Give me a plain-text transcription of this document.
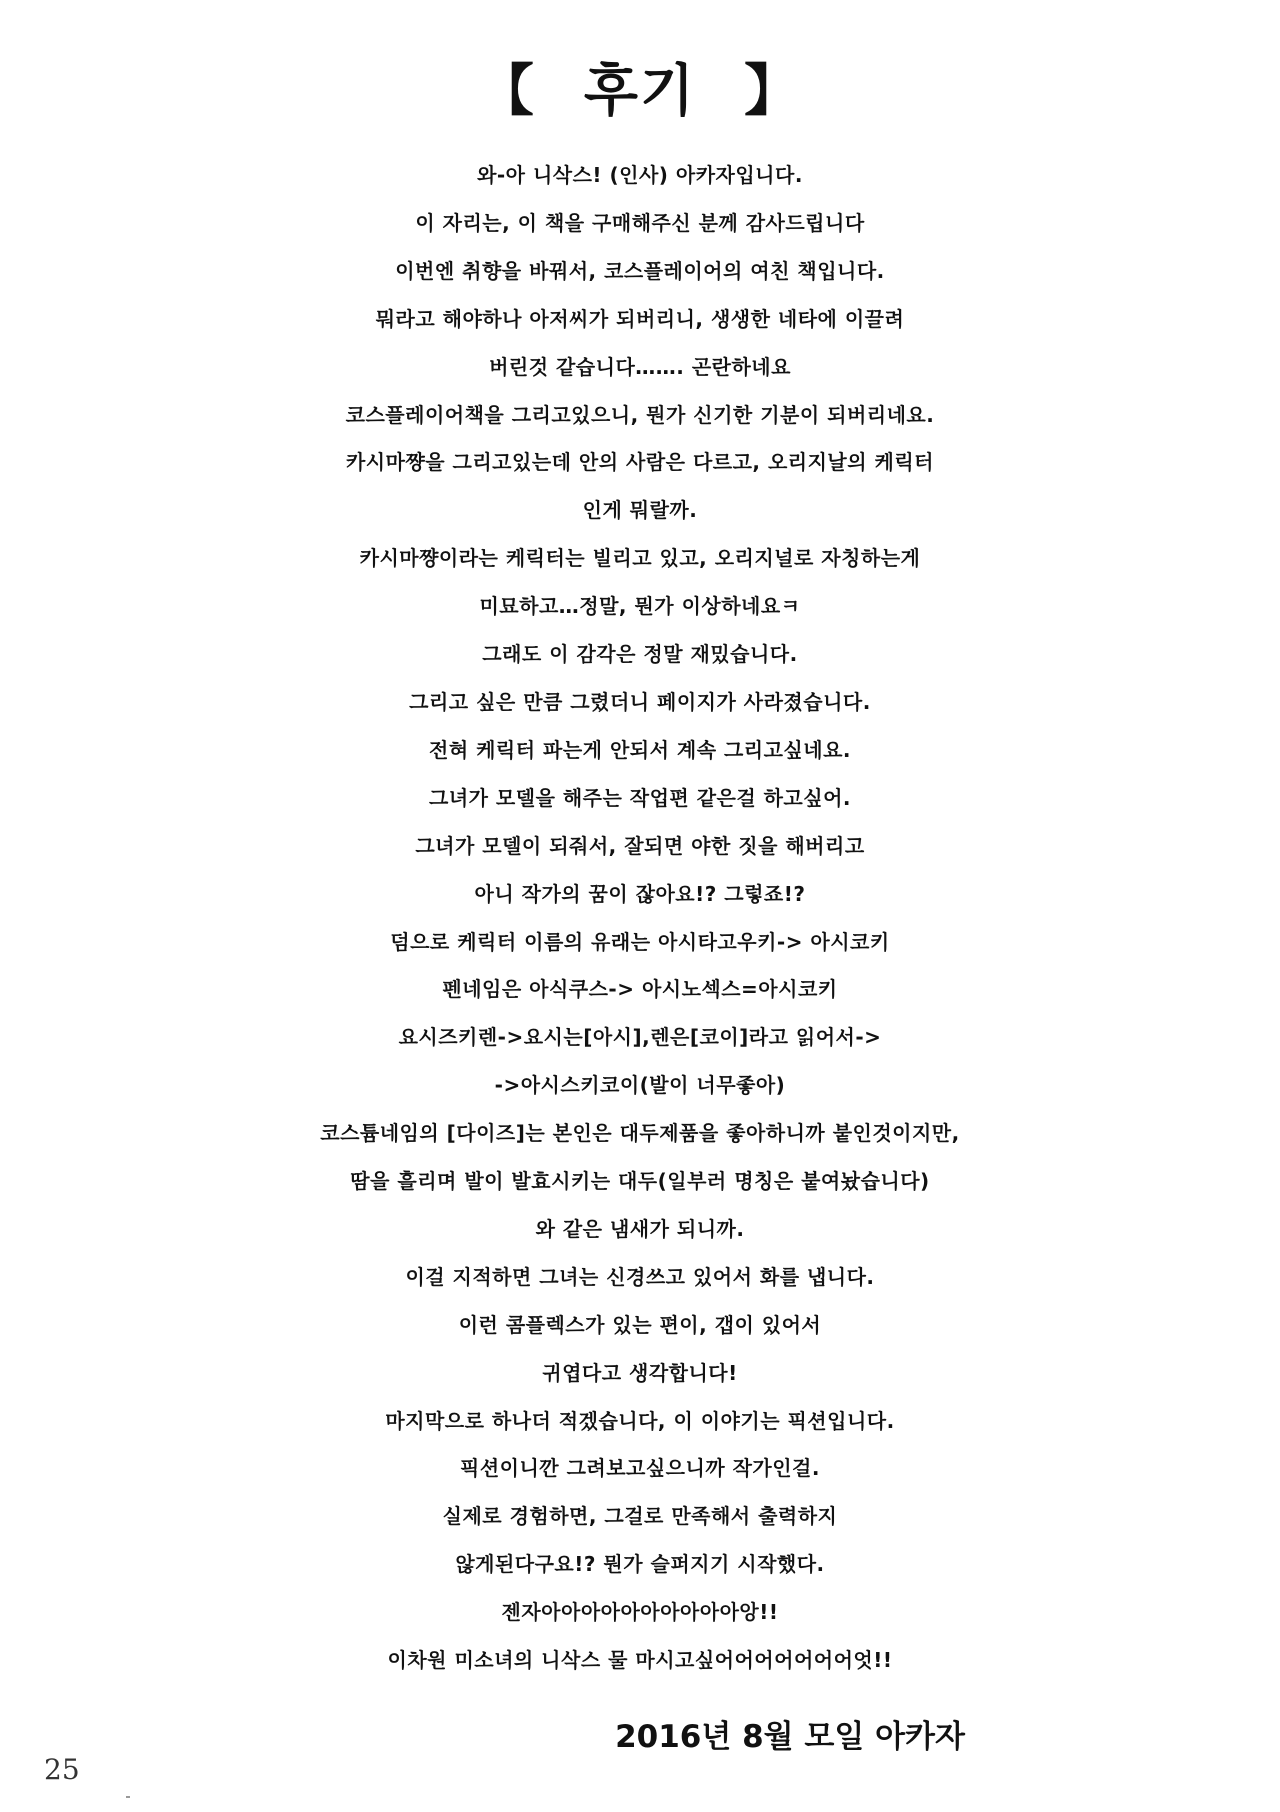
【 후기 】
와-아 니삭스! (인사) 아카자입니다.
이 자리는, 이 책을 구매해주신 분께 감사드립니다
이번엔 취향을 바꿔서, 코스플레이어의 여친 책입니다.
뭐라고 해야하나 아저씨가 되버리니, 생생한 네타에 이끌려
버린것 같습니다……. 곤란하네요
코스플레이어책을 그리고있으니, 뭔가 신기한 기분이 되버리네요.
카시마쨩을 그리고있는데 안의 사람은 다르고, 오리지날의 케릭터
인게 뭐랄까.
카시마쨩이라는 케릭터는 빌리고 있고, 오리지널로 자칭하는게
미묘하고…정말, 뭔가 이상하네요ㅋ
그래도 이 감각은 정말 재밌습니다.
그리고 싶은 만큼 그렸더니 페이지가 사라졌습니다.
전혀 케릭터 파는게 안되서 계속 그리고싶네요.
그녀가 모델을 해주는 작업편 같은걸 하고싶어.
그녀가 모델이 되줘서, 잘되면 야한 짓을 해버리고
아니 작가의 꿈이 잖아요!? 그렇죠!?
덤으로 케릭터 이름의 유래는 아시타고우키-> 아시코키
펜네임은 아식쿠스-> 아시노섹스=아시코키
요시즈키렌->요시는[아시],렌은[코이]라고 읽어서->
->아시스키코이(발이 너무좋아)
코스튬네임의 [다이즈]는 본인은 대두제품을 좋아하니까 붙인것이지만,
땀을 흘리며 발이 발효시키는 대두(일부러 명칭은 붙여놨습니다)
와 같은 냄새가 되니까.
이걸 지적하면 그녀는 신경쓰고 있어서 화를 냅니다.
이런 콤플렉스가 있는 편이, 갭이 있어서
귀엽다고 생각합니다!
마지막으로 하나더 적겠습니다, 이 이야기는 픽션입니다.
픽션이니깐 그려보고싶으니까 작가인걸.
실제로 경험하면, 그걸로 만족해서 출력하지
않게된다구요!? 뭔가 슬퍼지기 시작했다.
젠자아아아아아아아아아아앙!!
이차원 미소녀의 니삭스 물 마시고싶어어어어어어어엇!!
2016년 8월 모일 아카자
25
